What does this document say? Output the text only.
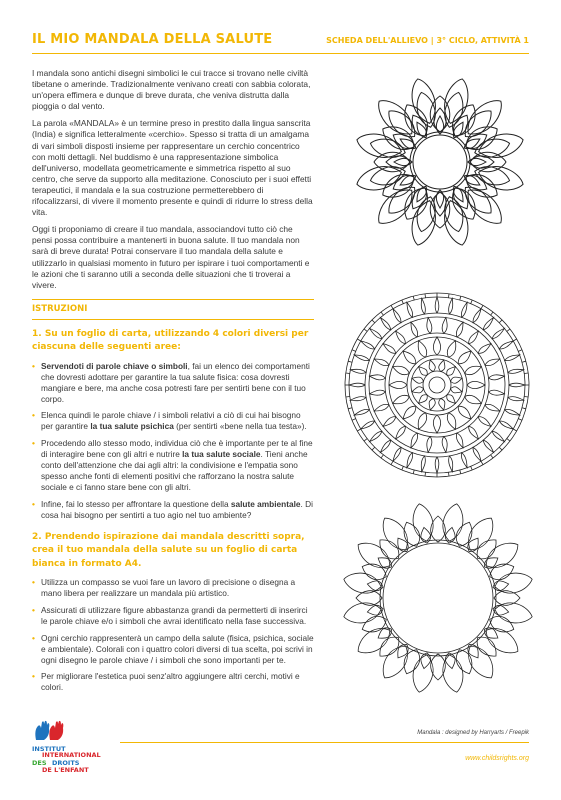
IL MIO MANDALA DELLA SALUTE	SCHEDA DELL'ALLIEVO | 3° CICLO, ATTIVITÀ 1

I mandala sono antichi disegni simbolici le cui tracce si trovano nelle civiltà tibetane o amerinde. Tradizionalmente venivano creati con sabbia colorata, un'opera effimera e dunque di breve durata, che veniva distrutta dalla pioggia o dal vento.

La parola «MANDALA» è un termine preso in prestito dalla lingua sanscrita (India) e significa letteralmente «cerchio». Spesso si tratta di un amalgama di vari simboli disposti insieme per rappresentare un cerchio concentrico con molti dettagli. Nel buddismo è una rappresentazione simbolica dell'universo, modellata geometricamente e simmetrica rispetto al suo centro, che serve da supporto alla meditazione. Conosciuto per i suoi effetti terapeutici, il mandala e la sua costruzione permetterebbero di rifocalizzarsi, di vivere il momento presente e quindi di ridurre lo stress della vita.

Oggi ti proponiamo di creare il tuo mandala, associandovi tutto ciò che pensi possa contribuire a mantenerti in buona salute. Il tuo mandala non sarà di breve durata! Potrai conservare il tuo mandala della salute e utilizzarlo in qualsiasi momento in futuro per ispirare i tuoi comportamenti e le azioni che ti saranno utili a seconda delle situazioni che ti troverai a vivere.

ISTRUZIONI
1. Su un foglio di carta, utilizzando 4 colori diversi per ciascuna delle seguenti aree:
• Servendoti di parole chiave o simboli, fai un elenco dei comportamenti che dovresti adottare per garantire la tua salute fisica: cosa dovresti mangiare e bere, ma anche cosa potresti fare per sentirti bene con il tuo corpo.
• Elenca quindi le parole chiave / i simboli relativi a ciò di cui hai bisogno per garantire la tua salute psichica (per sentirti «bene nella tua testa»).
• Procedendo allo stesso modo, individua ciò che è importante per te al fine di interagire bene con gli altri e nutrire la tua salute sociale. Tieni anche conto dell'attenzione che dai agli altri: la condivisione e l'empatia sono spesso anche fonti di elementi positivi che rafforzano la nostra salute sociale e ci fanno stare bene con gli altri.
• Infine, fai lo stesso per affrontare la questione della salute ambientale. Di cosa hai bisogno per sentirti a tuo agio nel tuo ambiente?
2. Prendendo ispirazione dai mandala descritti sopra, crea il tuo mandala della salute su un foglio di carta bianca in formato A4.
• Utilizza un compasso se vuoi fare un lavoro di precisione o disegna a mano libera per realizzare un mandala più artistico.
• Assicurati di utilizzare figure abbastanza grandi da permetterti di inserirci le parole chiave e/o i simboli che avrai identificato nella fase successiva.
• Ogni cerchio rappresenterà un campo della salute (fisica, psichica, sociale e ambientale). Colorali con i quattro colori diversi di tua scelta, poi scrivi in ogni disegno le parole chiave / i simboli che sono importanti per te.
• Per migliorare l'estetica puoi senz'altro aggiungere altri cerchi, motivi e colori.
Mandala : designed by Harryarts / Freepik
www.childsrights.org
INSTITUT
INTERNATIONAL
DES DROITS
DE L'ENFANT
